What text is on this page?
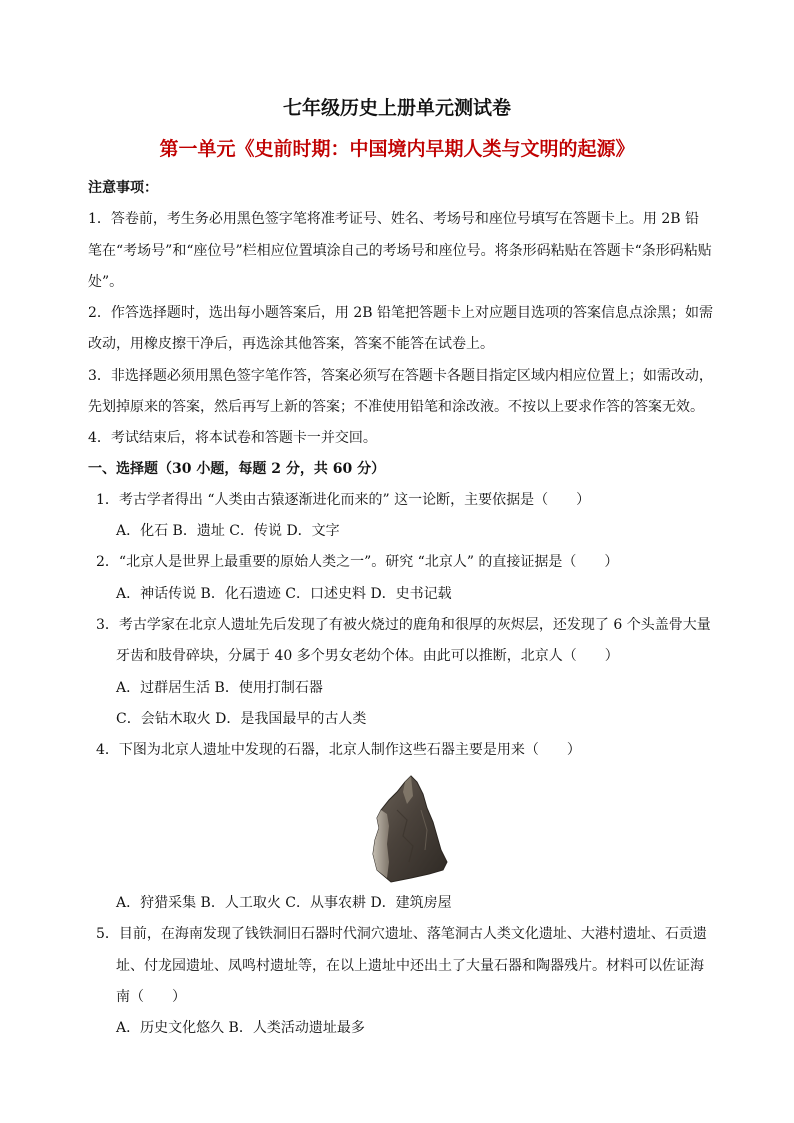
七年级历史上册单元测试卷
第一单元《史前时期：中国境内早期人类与文明的起源》
注意事项：
1．答卷前，考生务必用黑色签字笔将准考证号、姓名、考场号和座位号填写在答题卡上。用 2B 铅
笔在“考场号”和“座位号”栏相应位置填涂自己的考场号和座位号。将条形码粘贴在答题卡“条形码粘贴
处”。
2．作答选择题时，选出每小题答案后，用 2B 铅笔把答题卡上对应题目选项的答案信息点涂黑；如需
改动，用橡皮擦干净后，再选涂其他答案，答案不能答在试卷上。
3．非选择题必须用黑色签字笔作答，答案必须写在答题卡各题目指定区域内相应位置上；如需改动，
先划掉原来的答案，然后再写上新的答案；不准使用铅笔和涂改液。不按以上要求作答的答案无效。
4．考试结束后，将本试卷和答题卡一并交回。
一、选择题（30 小题，每题 2 分，共 60 分）
1．考古学者得出 “人类由古猿逐渐进化而来的” 这一论断，主要依据是（　　）
A．化石 B．遗址 C．传说 D．文字
2．“北京人是世界上最重要的原始人类之一”。研究 “北京人” 的直接证据是（　　）
A．神话传说 B．化石遗迹 C．口述史料 D．史书记载
3．考古学家在北京人遗址先后发现了有被火烧过的鹿角和很厚的灰烬层，还发现了 6 个头盖骨大量
牙齿和肢骨碎块，分属于 40 多个男女老幼个体。由此可以推断，北京人（　　）
A．过群居生活 B．使用打制石器
C．会钻木取火 D．是我国最早的古人类
4．下图为北京人遗址中发现的石器，北京人制作这些石器主要是用来（　　）
A．狩猎采集 B．人工取火 C．从事农耕 D．建筑房屋
5．目前，在海南发现了钱铁洞旧石器时代洞穴遗址、落笔洞古人类文化遗址、大港村遗址、石贡遗
址、付龙园遗址、凤鸣村遗址等，在以上遗址中还出土了大量石器和陶器残片。材料可以佐证海
南（　　）
A．历史文化悠久 B．人类活动遗址最多
